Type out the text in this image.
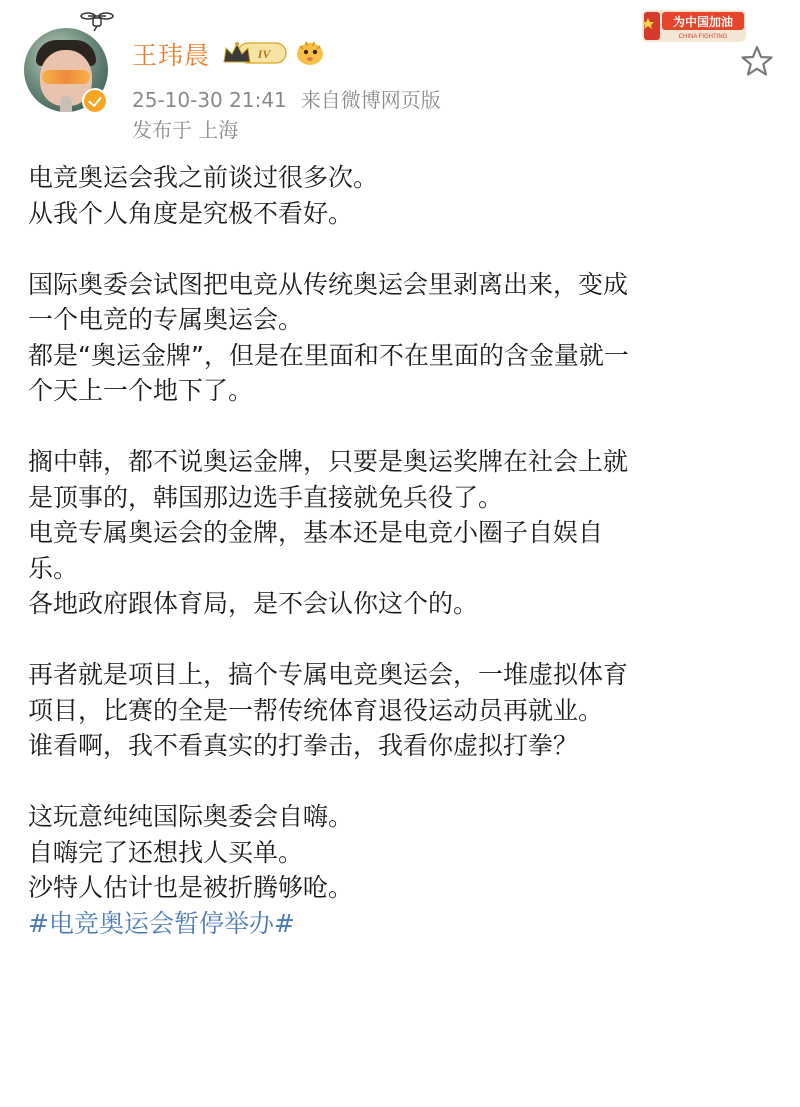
王玮晨	IV
25-10-30 21:41 来自微博网页版
发布于 上海
为中国加油
CHINA FIGHTING
电竞奥运会我之前谈过很多次。
从我个人角度是究极不看好。
国际奥委会试图把电竞从传统奥运会里剥离出来，变成
一个电竞的专属奥运会。
都是“奥运金牌”，但是在里面和不在里面的含金量就一
个天上一个地下了。
搁中韩，都不说奥运金牌，只要是奥运奖牌在社会上就
是顶事的，韩国那边选手直接就免兵役了。
电竞专属奥运会的金牌，基本还是电竞小圈子自娱自
乐。
各地政府跟体育局，是不会认你这个的。
再者就是项目上，搞个专属电竞奥运会，一堆虚拟体育
项目，比赛的全是一帮传统体育退役运动员再就业。
谁看啊，我不看真实的打拳击，我看你虚拟打拳？
这玩意纯纯国际奥委会自嗨。
自嗨完了还想找人买单。
沙特人估计也是被折腾够呛。
#电竞奥运会暂停举办#
